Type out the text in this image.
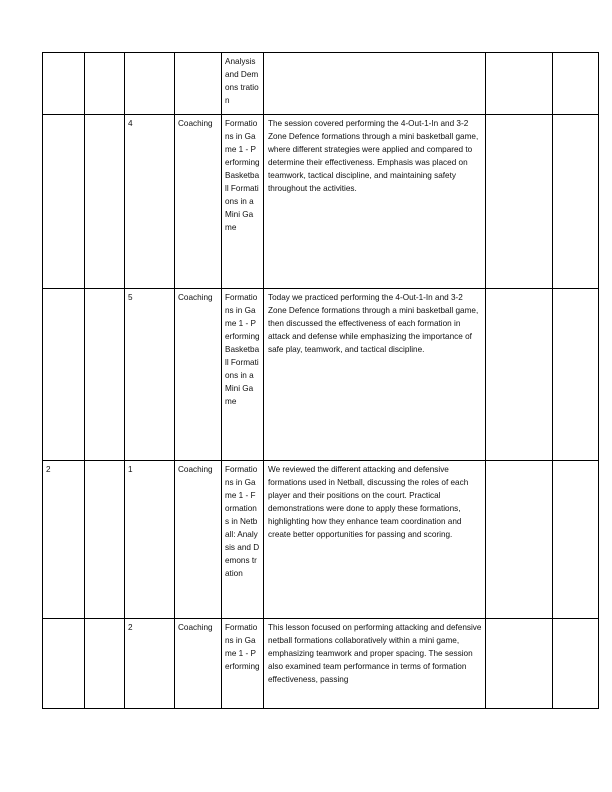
				Analysis and Demons tration			
		4	Coaching	Formations in Game 1 - Performing Basketball Formations in a Mini Game	The session covered performing the 4-Out-1-In and 3-2 Zone Defence formations through a mini basketball game, where different strategies were applied and compared to determine their effectiveness. Emphasis was placed on teamwork, tactical discipline, and maintaining safety throughout the activities.		
		5	Coaching	Formations in Game 1 - Performing Basketball Formations in a Mini Game	Today we practiced performing the 4-Out-1-In and 3-2 Zone Defence formations through a mini basketball game, then discussed the effectiveness of each formation in attack and defense while emphasizing the importance of safe play, teamwork, and tactical discipline.		
2		1	Coaching	Formations in Game 1 - Formations in Netball: Analysis and Demons tration	We reviewed the different attacking and defensive formations used in Netball, discussing the roles of each player and their positions on the court. Practical demonstrations were done to apply these formations, highlighting how they enhance team coordination and create better opportunities for passing and scoring.		
		2	Coaching	Formations in Game 1 - Performing	This lesson focused on performing attacking and defensive netball formations collaboratively within a mini game, emphasizing teamwork and proper spacing. The session also examined team performance in terms of formation effectiveness, passing		
